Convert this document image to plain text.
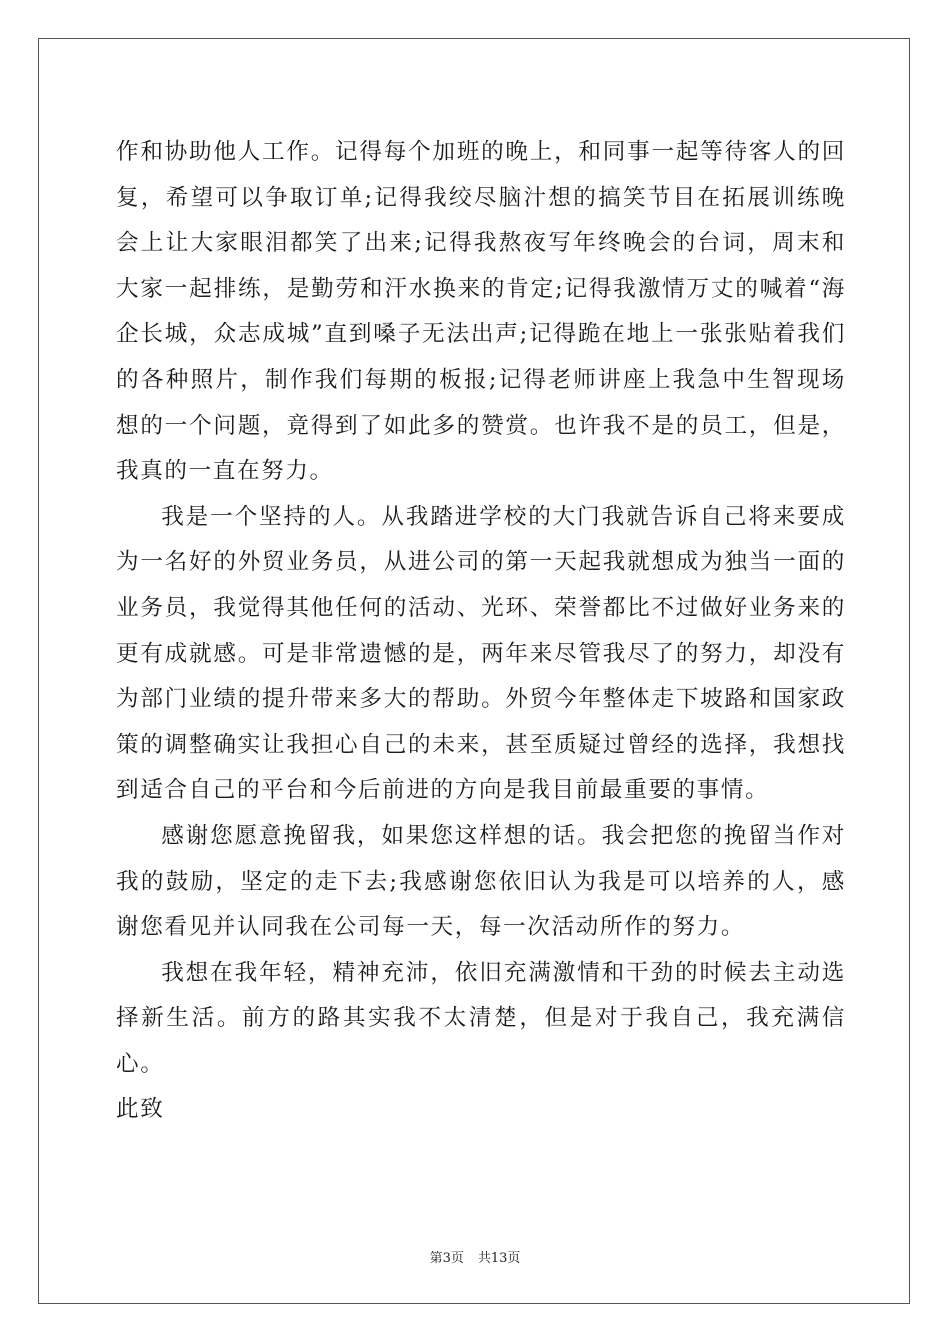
作和协助他人工作。记得每个加班的晚上，和同事一起等待客人的回复，希望可以争取订单;记得我绞尽脑汁想的搞笑节目在拓展训练晚会上让大家眼泪都笑了出来;记得我熬夜写年终晚会的台词，周末和大家一起排练，是勤劳和汗水换来的肯定;记得我激情万丈的喊着“海企长城，众志成城”直到嗓子无法出声;记得跪在地上一张张贴着我们的各种照片，制作我们每期的板报;记得老师讲座上我急中生智现场想的一个问题，竟得到了如此多的赞赏。也许我不是的员工，但是，我真的一直在努力。

我是一个坚持的人。从我踏进学校的大门我就告诉自己将来要成为一名好的外贸业务员，从进公司的第一天起我就想成为独当一面的业务员，我觉得其他任何的活动、光环、荣誉都比不过做好业务来的更有成就感。可是非常遗憾的是，两年来尽管我尽了的努力，却没有为部门业绩的提升带来多大的帮助。外贸今年整体走下坡路和国家政策的调整确实让我担心自己的未来，甚至质疑过曾经的选择，我想找到适合自己的平台和今后前进的方向是我目前最重要的事情。

感谢您愿意挽留我，如果您这样想的话。我会把您的挽留当作对我的鼓励，坚定的走下去;我感谢您依旧认为我是可以培养的人，感谢您看见并认同我在公司每一天，每一次活动所作的努力。

我想在我年轻，精神充沛，依旧充满激情和干劲的时候去主动选择新生活。前方的路其实我不太清楚，但是对于我自己，我充满信心。

此致

第3页 共13页
